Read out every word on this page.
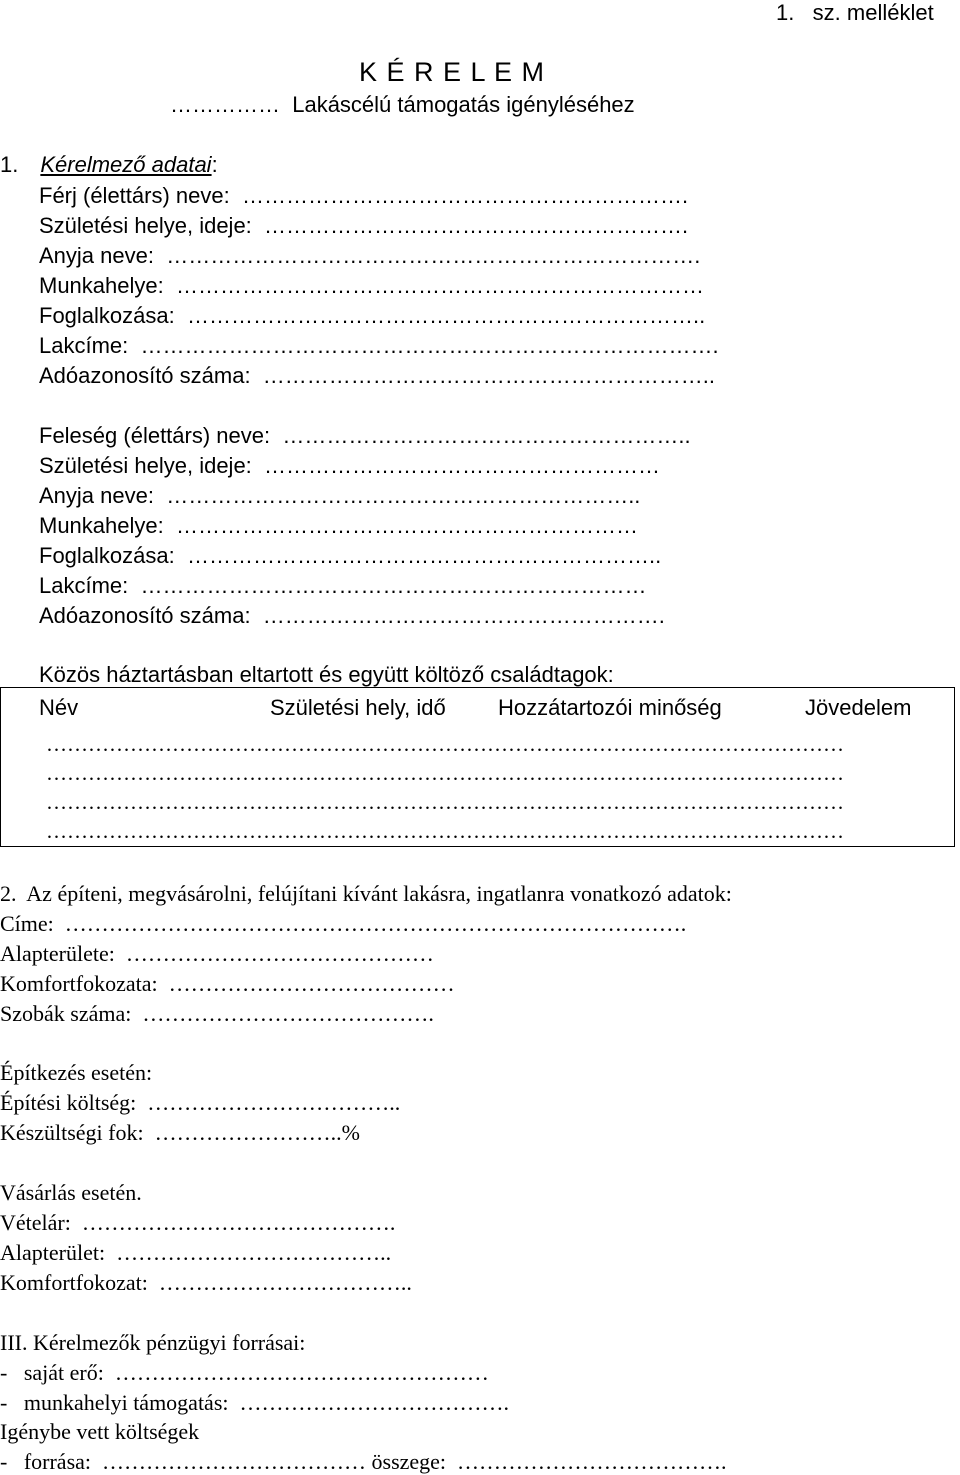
1.   sz. melléklet
K É R E L E M
……………  Lakáscélú támogatás igényléséhez
1. Kérelmező adatai:
Férj (élettárs) neve:  …………………………………………………….
Születési helye, ideje:  ………………………………………………….
Anyja neve:  ……………………………………………………………….
Munkahelye:  ………………………………………………………………
Foglalkozása:  ……………………………………………………………..
Lakcíme:  …………………………………………………………………….
Adóazonosító száma:  ……………………………………………………..
Feleség (élettárs) neve:  ………………………………………………..
Születési helye, ideje:  ………………………………………………
Anyja neve:  ………………………………………………………..
Munkahelye:  ………………………………………………………
Foglalkozása:  ………………………………………………………..
Lakcíme:  ……………………………………………………………
Adóazonosító száma:  ……………………………………………….
Közös háztartásban eltartott és együtt költöző családtagok:
Név	Születési hely, idő Hozzátartozói minőség	Jövedelem
……………………………………………………………………………………………………
……………………………………………………………………………………………………
……………………………………………………………………………………………………
……………………………………………………………………………………………………
2.  Az építeni, megvásárolni, felújítani kívánt lakásra, ingatlanra vonatkozó adatok:
Címe:  ………………………………………………………………………….
Alapterülete:  ……………………………………
Komfortfokozata:  …………………………………
Szobák száma:  ………………………………….
Építkezés esetén:
Építési költség:  ……………………………..
Készültségi fok:  ……………………..%
Vásárlás esetén.
Vételár:  …………………………………….
Alapterület:  ………………………………..
Komfortfokozat:  ……………………………..
III. Kérelmezők pénzügyi forrásai:
-   saját erő:  ……………………………………………
-   munkahelyi támogatás:  ……………………………….
Igénybe vett költségek
-   forrása:  ……………………………… összege:  ……………………………….
